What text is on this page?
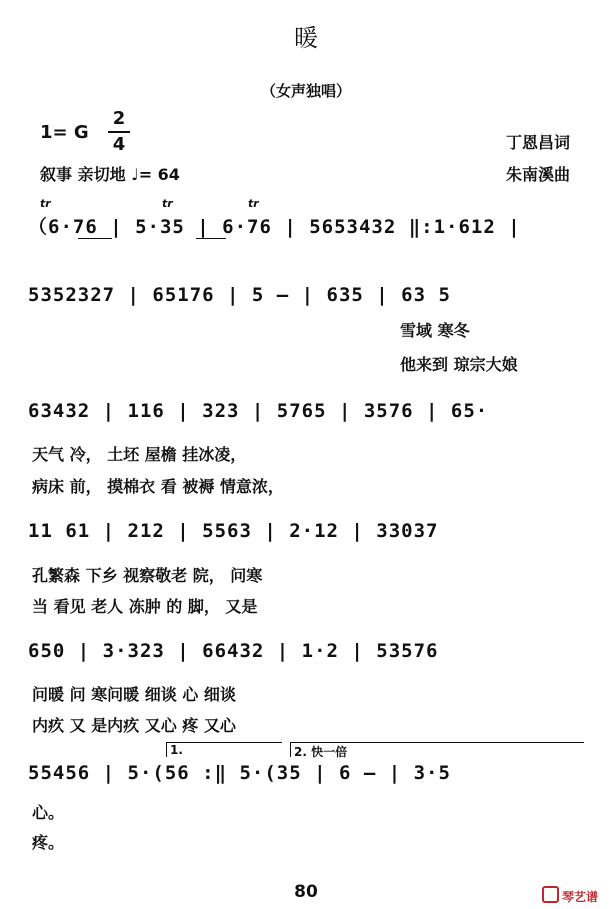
暖
（女声独唱）
1= G
2
4
叙事 亲切地 ♩= 64
丁恩昌词
朱南溪曲
tr	tr	tr
（6·76 | 5·35 | 6·76 | 5653432 ‖:1·612 |
5352327 | 65176 | 5 – | 635 | 63 5
雪域 寒冬
他来到 琼宗大娘
63432 | 116 | 323 | 5765 | 3576 | 65·
天气 冷， 土坯 屋檐 挂冰凌，
病床 前， 摸棉衣 看 被褥 情意浓，
11 61 | 212 | 5563 | 2·12 | 33037
孔繁森 下乡 视察敬老 院， 问寒
当 看见 老人 冻肿 的 脚， 又是
650 | 3·323 | 66432 | 1·2 | 53576
问暖 问 寒问暖 细谈 心 细谈
内疚 又 是内疚 又心 疼 又心
1.	2. 快一倍
55456 | 5·(56 :‖ 5·(35 | 6 – | 3·5
心。
疼。
80	琴艺谱
